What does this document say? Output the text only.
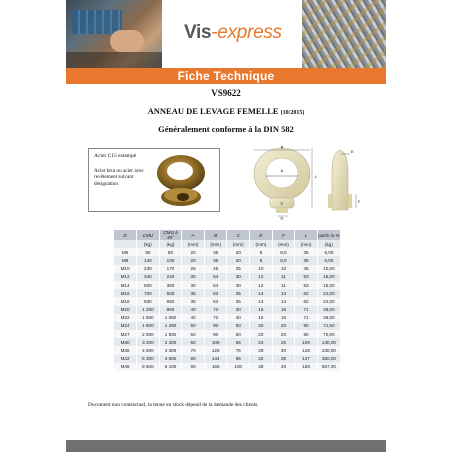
Vis-express
Fiche Technique
VS9622
ANNEAU DE LEVAGE FEMELLE (10/2015)
Généralement conforme à la DIN 582
Acier C15 estampé
Acier brut ou acier avec revêtement suivant désignation
A
B
C
D
L
E
F
D	CMU	CMU à 45°	A	B	C	E	F	L	poids /u %
	(kg)	(kg)	(mm)	(mm)	(mm)	(mm)	(mm)	(mm)	(kg)
M6	90	50	20	36	20	8	8,5	36	6,00
M8	140	100	20	36	20	8	8,5	36	6,00
M10	230	170	25	45	25	10	10	45	10,00
M12	340	240	30	54	30	12	11	53	16,00
M14	500	350	30	54	30	12	11	53	15,00
M16	700	500	35	63	35	14	13	62	24,00
M18	930	650	35	63	35	14	13	62	24,00
M20	1 200	860	40	72	40	16	16	71	36,00
M22	1 500	1 050	40	72	40	16	16	71	36,00
M24	1 800	1 290	50	90	50	20	20	90	71,50
M27	2 500	1 830	50	90	50	20	20	90	70,00
M30	3 200	2 300	60	108	65	24	25	109	140,00
M36	4 600	3 300	70	126	75	28	30	128	230,00
M42	6 300	4 500	80	144	85	32	35	147	350,00
M48	8 600	6 100	90	166	100	38	40	158	567,00
Document non contractuel, la tenue en stock dépend de la demande des clients.
